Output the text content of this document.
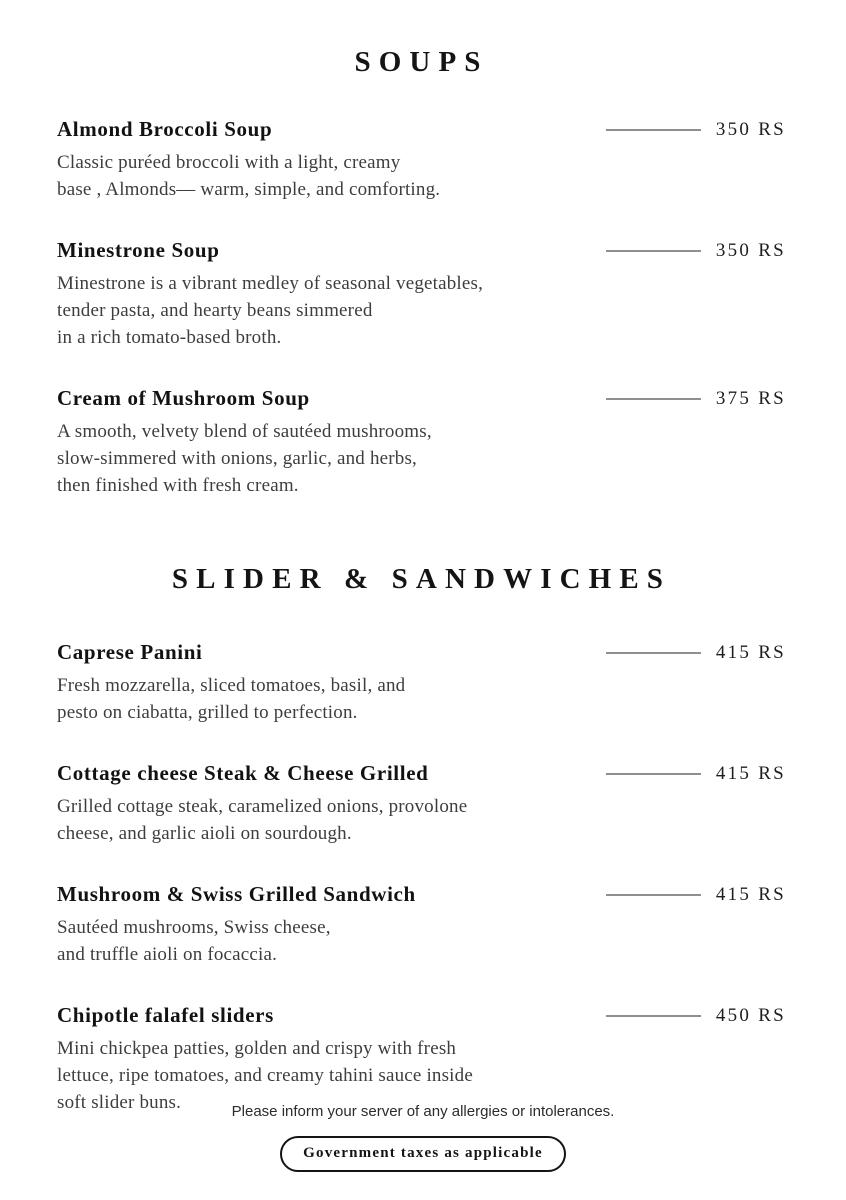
SOUPS
Almond Broccoli Soup	350 RS
Classic puréed broccoli with a light, creamy
base , Almonds— warm, simple, and comforting.
Minestrone Soup	350 RS
Minestrone is a vibrant medley of seasonal vegetables,
tender pasta, and hearty beans simmered
in a rich tomato-based broth.
Cream of Mushroom Soup	375 RS
A smooth, velvety blend of sautéed mushrooms,
slow-simmered with onions, garlic, and herbs,
then finished with fresh cream.
SLIDER & SANDWICHES
Caprese Panini	415 RS
Fresh mozzarella, sliced tomatoes, basil, and
pesto on ciabatta, grilled to perfection.
Cottage cheese Steak & Cheese Grilled	415 RS
Grilled cottage steak, caramelized onions, provolone
cheese, and garlic aioli on sourdough.
Mushroom & Swiss Grilled Sandwich	415 RS
Sautéed mushrooms, Swiss cheese,
and truffle aioli on focaccia.
Chipotle falafel sliders	450 RS
Mini chickpea patties, golden and crispy with fresh
lettuce, ripe tomatoes, and creamy tahini sauce inside
soft slider buns.	Please inform your server of any allergies or intolerances.
Government taxes as applicable
